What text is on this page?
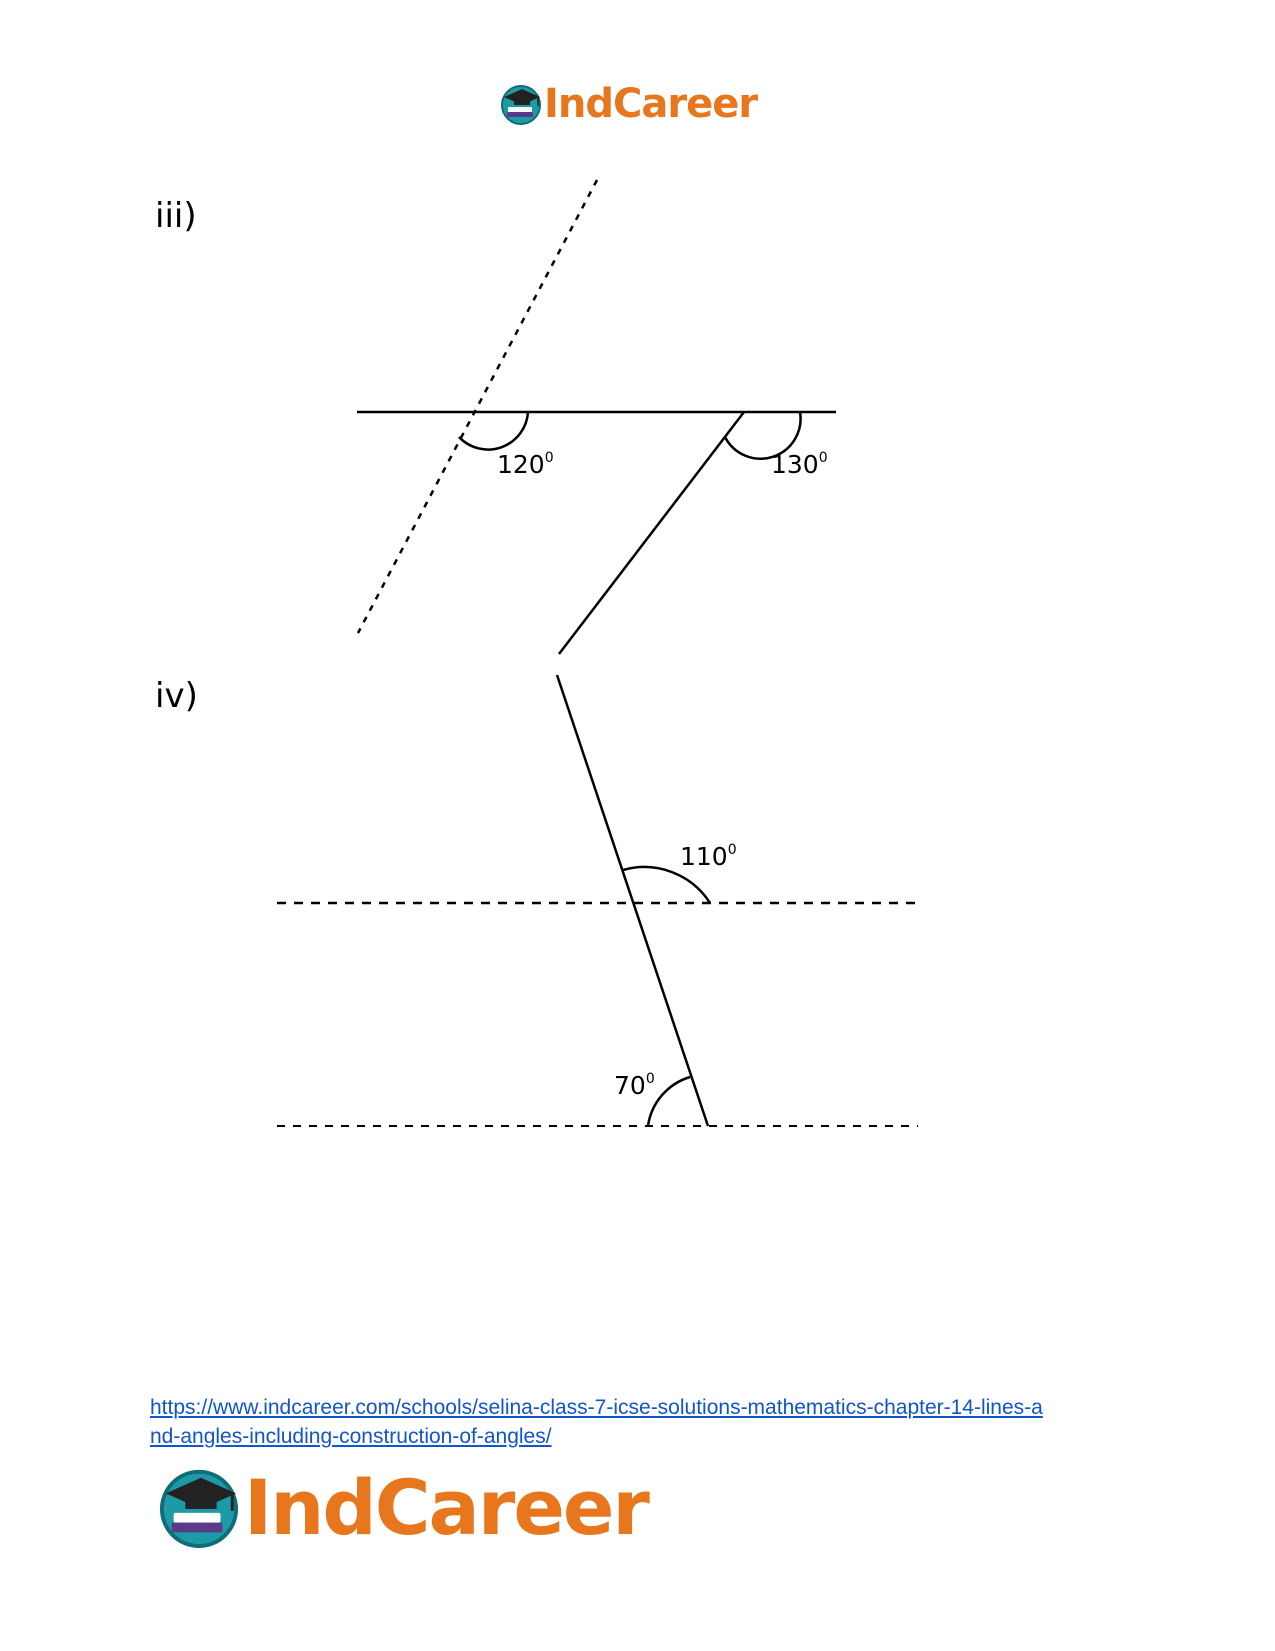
IndCareer
iii)
iv)
$120^0$	$130^0$
$110^0$
$70^0$
https://www.indcareer.com/schools/selina-class-7-icse-solutions-mathematics-chapter-14-lines-a
nd-angles-including-construction-of-angles/
IndCareer
